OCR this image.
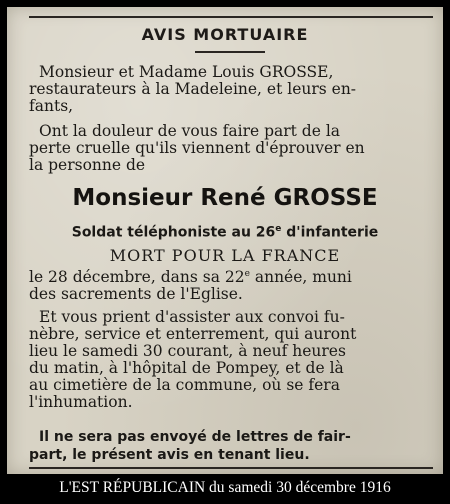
AVIS MORTUAIRE
Monsieur et Madame Louis GROSSE,
restaurateurs à la Madeleine, et leurs en-
fants,
Ont la douleur de vous faire part de la
perte cruelle qu'ils viennent d'éprouver en
la personne de
Monsieur René GROSSE
Soldat téléphoniste au 26e d'infanterie
MORT POUR LA FRANCE
le 28 décembre, dans sa 22e année, muni
des sacrements de l'Eglise.
Et vous prient d'assister aux convoi fu-
nèbre, service et enterrement, qui auront
lieu le samedi 30 courant, à neuf heures
du matin, à l'hôpital de Pompey, et de là
au cimetière de la commune, où se fera
l'inhumation.
Il ne sera pas envoyé de lettres de fair-
part, le présent avis en tenant lieu.
L'EST RÉPUBLICAIN du samedi 30 décembre 1916
